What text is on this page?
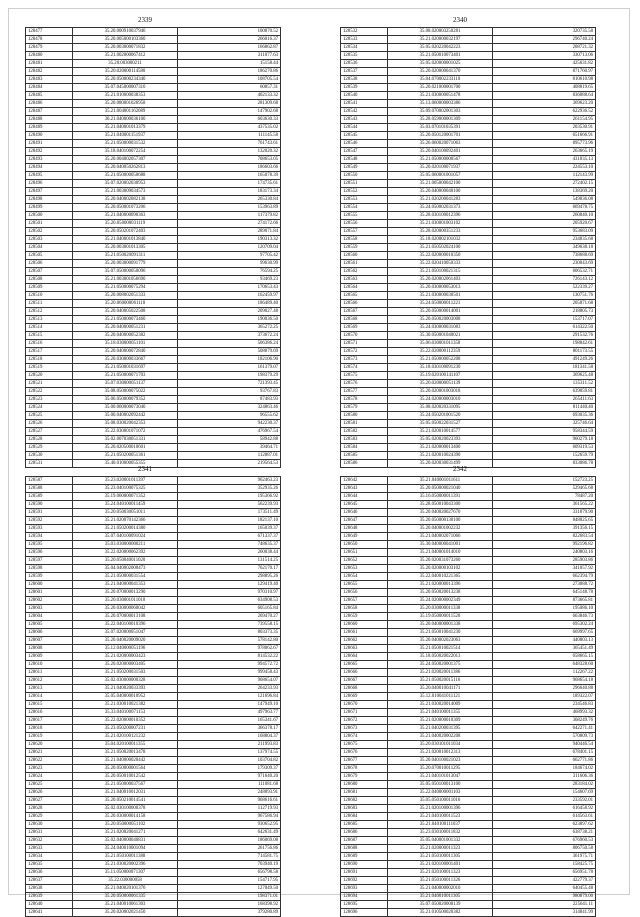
2339
128477	35.20.000910037946	100870.52
128478	35.20.005000103360	266016.37
128479	35.20.003000071832	166862.87
128480	35.21.002000067412	311077.63
128481	35.20.003000211	15158.44
128482	35.20.020000114580	186270.86
128483	35.20.050000234340	108705.54
128484	35.07.045000007310	60857.31
128485	35.21.010000038353	402133.32
128486	35.20.080001026958	281309.68
128487	35.21.004001162089	147902.68
128488	30.21.040000036100	603630.33
128489	35.21.040001013379	437535.02
128490	35.21.040001151937	111145.58
128491	35.21.050000031532	761743.61
128492	35.18.040100072254	132020.32
128493	35.20.004002057307	708653.05
128494	35.20.040050262813	186603.66
128495	35.21.050000050688	165078.39
128496	35.07.020002030953	174735.61
128497	35.21.003009034573	183173.34
128498	35.20.040002082138	265330.84
128499	35.20.050001073206	153963.89
128500	35.21.040000090363	117379.82
128501	35.20.050000031119	274172.66
128502	35.20.050201072403	289071.84
128503	35.21.040001013840	190313.32
128504	35.20.003001013305	120709.04
128505	35.21.050020091311	97705.42
128506	35.20.003000091779	99630.99
128507	35.07.050000050096	76594.25
128508	35.21.003001056690	93469.23
128509	35.21.050000075294	170653.43
128510	35.20.008002051333	162459.97
128511	35.20.060000061118	186489.40
128512	35.20.040005022508	209027.48
128513	35.21.050000073460	190036.50
128514	35.20.040000051231	365272.25
128515	35.20.040000052382	373672.24
128516	35.18.030000051101	506386.24
128517	35.20.040000072840	508879.69
128518	35.20.030000033667	182106.90
128519	35.21.050001031697	161379.07
128520	35.21.050000071703	198379.29
128521	35.07.030000051137	721393.45
128522	35.08.050000075022	93767.83
128523	35.06.050000079352	87483.93
128524	35.00.060000073040	324863.46
128525	35.00.040002092442	96555.62
128526	35.08.030020042353	942230.37
128527	35.22.030001071072	476967.54
128528	35.02.007030051331	58942.88
128529	35.20.020500010601	39464.71
128530	35.21.050200051361	112887.01
128531	35.40.010000055355	219564.53
2340
128532	35.08.020003250281	320735.58
128533	35.21.020000032197	296740.24
128534	35.05.020220042223	208721.32
128535	35.21.050010073401	330713.06
128536	35.05.020000001025	425631.82
128537	35.20.020000041370	871760.97
128538	35.04.070002233110	810610.98
128539	35.20.021000001700	408819.65
128540	35.21.030000051478	836888.64
128541	35.13.060000003386	369623.20
128542	35.09.070002001303	622936.52
128543	35.28.059000001309	261154.95
128544	35.03.070101035391	203530.91
128545	35.20.050120001701	651666.91
128546	35.26.060020071063	895773.96
128547	35.20.040100092401	263665.19
128548	35.21.050000000567	431835.13
128549	35.20.020100071937	224553.10
128550	35.05.060001001057	112143.99
128551	35.21.005000042100	272402.15
128552	35.20.040000040100	138369.20
128553	35.21.020200041283	549836.08
128554	35.24.050002031373	669478.75
128555	35.28.030100012396	260840.10
128556	35.21.030001003102	205920.67
128557	35.28.020000351233	953683.09
128558	35.18.020002101032	234835.68
128559	35.21.050502024100	349638.18
128560	35.22.020000010350	738688.69
128561	35.22.020410050333	230043.69
128562	35.21.050100021315	606532.71
128563	35.20.020002061403	726143.12
128564	35.20.030000053013	522339.27
128565	35.21.030000030501	130751.76
128566	35.24.050000011221	205871.68
128567	35.20.050000014001	218805.73
128568	35.20.050020003008	153717.07
128569	35.24.030000031083	614322.50
128570	35.30.050001040021	291532.76
128571	35.06.030001011358	198842.61
128572	35.22.020000112359	801173.55
128573	35.21.050000052208	491249.26
128574	35.18.030100091230	181341.58
128575	35.19.020100141107	369625.48
128576	35.20.020000051139	135311.52
128577	35.20.020001003018	639059.81
128578	35.24.020000003010	265411.63
128579	35.08.020020331095	811440.40
128580	35.24.050201001520	693035.36
128581	35.05.050022031527	325746.64
128582	35.21.020010014577	958344.59
128583	35.05.020020023393	960279.18
128584	35.21.020000013400	609319.53
128585	35.21.020010024390	152659.79
128586	35.20.020030031499	833086.78
2341
128587	35.23.020001011397	962463.23
128588	35.23.040100075325	352935.26
128589	35.19.060000071352	195366.92
128590	35.24.040100011459	562239.93
128591	35.20.050030051011	173511.49
128592	35.21.020070142366	182137.10
128593	35.21.050200014380	165039.37
128594	35.07.040100091024	671337.37
128595	35.03.030000000211	748635.37
128596	35.22.020000062392	260038.44
128597	35.20.050040011020	131514.25
128598	35.04.040002000473	762170.17
128599	35.21.050000031554	298895.26
128600	35.21.040000041353	129419.40
128601	35.20.070000013290	970310.97
128602	35.20.030001011018	634908.53
128603	35.20.030000060042	605165.84
128604	35.20.070000013108	269470.27
128605	35.22.040100010396	739558.15
128606	35.07.020000051047	803373.35
128607	35.20.040020009020	578142.80
128608	35.12.040000051196	978062.67
128609	35.21.020000003423	814532.22
128610	35.20.020000003405	994572.72
128611	35.21.050200031503	999458.43
128612	35.02.030000000328	968654.07
128613	35.21.040020033393	264233.93
128614	35.05.040000010952	121696.84
128615	35.21.030010021382	147949.10
128616	35.33.040100071153	497963.77
128617	35.22.020000010352	165341.67
128618	35.23.050200007231	366378.17
128619	35.21.020100121232	168804.37
128620	35.04.020100011355	211993.83
128621	35.21.050020013478	137974.55
128622	35.21.040000020442	103704.82
128623	35.20.050000001564	179309.37
128624	35.20.050010012542	971640.20
128625	35.21.050000037567	111081.68
128626	35.21.040010012031	248893.91
128627	35.20.050210014541	968616.61
128628	35.02.030100000378	112719.93
128629	35.20.030000014158	967586.94
128630	35.20.050000051102	930652.95
128631	35.21.020020041271	642631.49
128632	35.02.040000040831	186069.08
128633	35.24.040010001094	261756.86
128634	35.21.050100011388	714581.75
128635	35.21.030020002396	703940.19
128636	35.11.050000071307	656798.58
128637	35.22.030000058	154717.95
128638	35.21.040020101376	127049.50
128639	35.20.050000061335	198371.01
128640	35.21.040010061303	168398.92
128641	35.20.020002021450	379280.89
2342
128642	35.21.040001011611	152723.25
128643	35.20.050000021040	529465.68
128644	35.16.050000011391	78487.20
128645	35.28.050010043300	361565.22
128646	35.20.040020027670	331879.90
128647	35.20.050000130100	848825.65
128648	35.20.040001002232	391356.15
128649	35.21.040002071066	822683.54
128650	35.30.040000041001	992196.82
128651	35.21.040001014010	240803.16
128652	35.20.020031073260	285903.86
128653	35.20.020000103102	341057.92
128654	35.22.040010221365	662394.79
128655	35.21.020000013396	273088.72
128656	35.20.050020013238	645148.78
128657	35.24.020000002349	873665.81
128658	35.20.030000011338	195086.10
128659	35.19.050000011520	663846.73
128660	35.20.040000001338	695302.24
128661	35.21.050010041230	669997.65
128662	35.20.040002023063	440803.13
128663	35.21.050010021514	365451.49
128664	35.18.050020022013	658665.15
128665	35.24.050020001375	648328.60
128666	35.21.020020011386	112267.22
128667	35.21.050020015116	968654.18
128668	35.20.040010041171	296640.88
128669	35.12.010041011121	189322.07
128670	35.21.030020014009	234546.83
128671	35.21.040100011355	468993.32
128672	35.21.020000010309	368249.76
128673	35.21.040200031395	642271.41
128674	35.21.040020002208	570809.73
128675	35.20.030101011034	940446.54
128676	35.21.020010012313	678401.15
128677	35.20.040100021023	662771.86
128678	35.20.070010011295	184674.02
128679	35.21.040101013047	311606.36
128680	35.05.050100013100	283184.02
128681	35.22.040000001103	154607.69
128682	35.05.050100011016	233592.01
128683	35.21.020100001396	616458.92
128684	35.21.040100011523	614563.61
128685	35.21.040100111037	623897.62
128686	35.23.030100011832	638738.21
128687	35.05.040001001332	676960.53
128688	35.21.020000011323	806750.58
128689	35.21.050100011305	361975.71
128690	35.21.020100001401	158425.75
128691	35.21.020100011323	656951.78
128692	35.21.050100011326	422779.37
128693	35.21.040000002010	640455.48
128694	35.21.040010011305	980879.00
128695	35.07.050020000139	225641.11
128696	35.21.010500020382	314841.99
